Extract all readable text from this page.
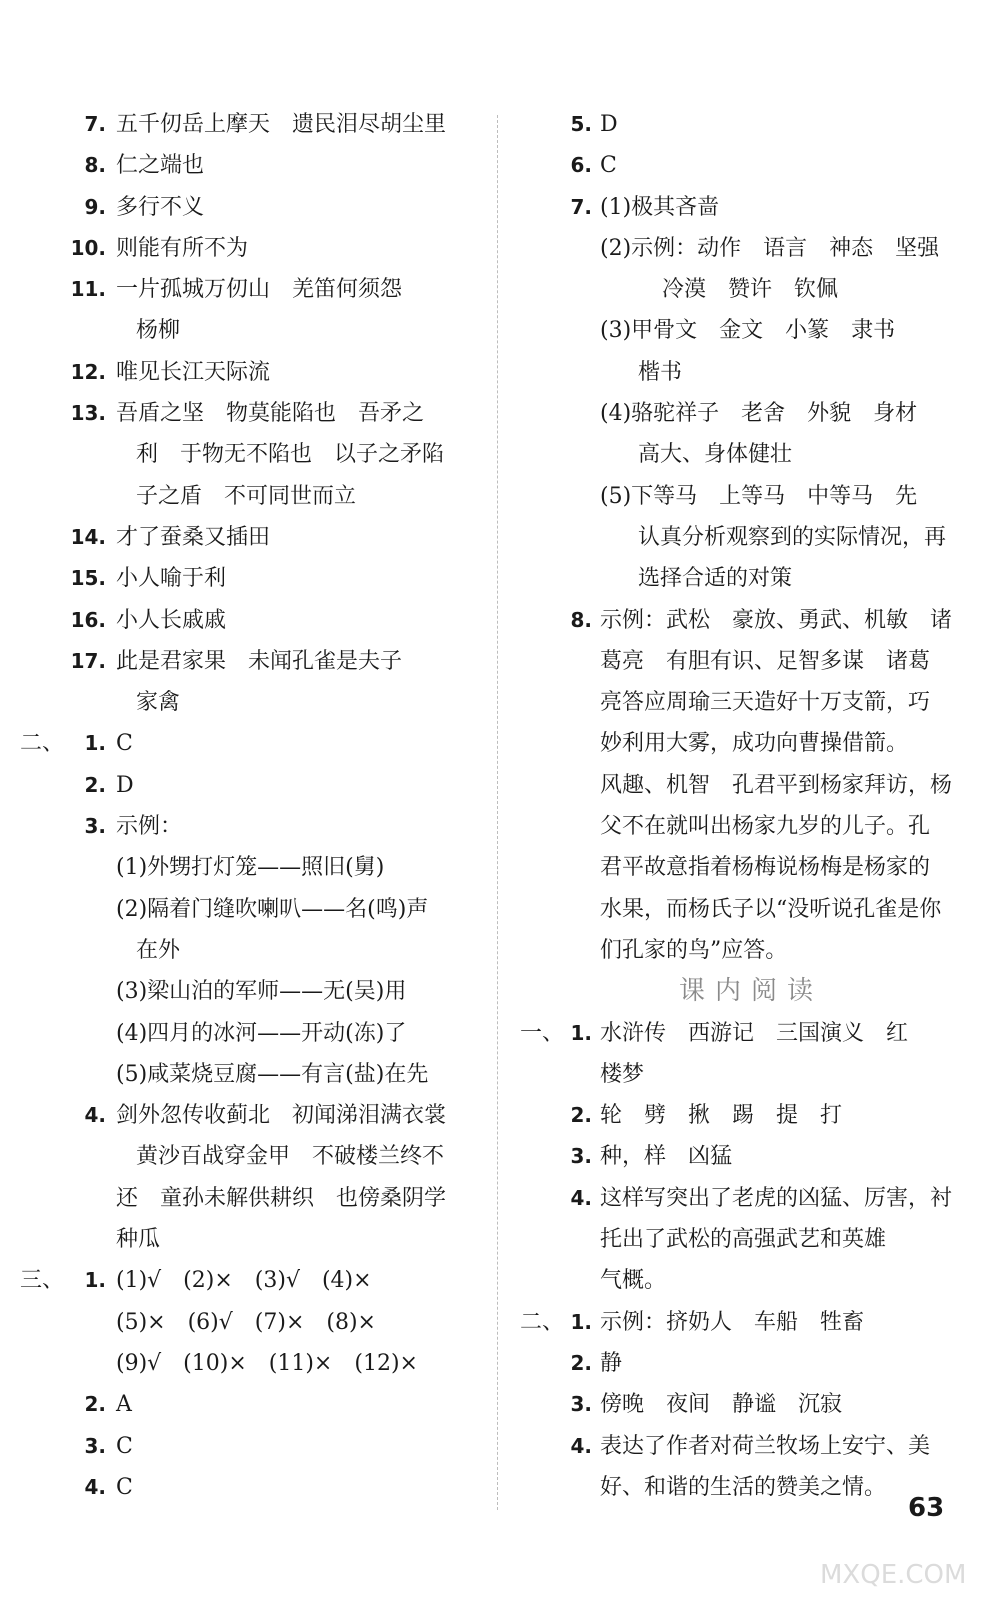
7. 五千仞岳上摩天　遗民泪尽胡尘里
8. 仁之端也
9. 多行不义
10. 则能有所不为
11. 一片孤城万仞山　羌笛何须怨
杨柳
12. 唯见长江天际流
13. 吾盾之坚　物莫能陷也　吾矛之
利　于物无不陷也　以子之矛陷
子之盾　不可同世而立
14. 才了蚕桑又插田
15. 小人喻于利
16. 小人长戚戚
17. 此是君家果　未闻孔雀是夫子
家禽
二、	1. C
2. D
3. 示例：
(1)外甥打灯笼——照旧(舅)
(2)隔着门缝吹喇叭——名(鸣)声
在外
(3)梁山泊的军师——无(吴)用
(4)四月的冰河——开动(冻)了
(5)咸菜烧豆腐——有言(盐)在先
4. 剑外忽传收蓟北　初闻涕泪满衣裳
黄沙百战穿金甲　不破楼兰终不
还　童孙未解供耕织　也傍桑阴学
种瓜
三、	1. (1)√　(2)×　(3)√　(4)×
(5)×　(6)√　(7)×　(8)×
(9)√　(10)×　(11)×　(12)×
2. A
3. C
4. C
5. D
6. C
7. (1)极其吝啬
(2)示例：动作　语言　神态　坚强
冷漠　赞许　钦佩
(3)甲骨文　金文　小篆　隶书
楷书
(4)骆驼祥子　老舍　外貌　身材
高大、身体健壮
(5)下等马　上等马　中等马　先
认真分析观察到的实际情况，再
选择合适的对策
8. 示例：武松　豪放、勇武、机敏　诸
葛亮　有胆有识、足智多谋　诸葛
亮答应周瑜三天造好十万支箭，巧
妙利用大雾，成功向曹操借箭。
风趣、机智　孔君平到杨家拜访，杨
父不在就叫出杨家九岁的儿子。孔
君平故意指着杨梅说杨梅是杨家的
水果，而杨氏子以“没听说孔雀是你
们孔家的鸟”应答。
课内阅读
一、 1. 水浒传　西游记　三国演义　红
楼梦
2. 轮　劈　揪　踢　提　打
3. 种，样　凶猛
4. 这样写突出了老虎的凶猛、厉害，衬
托出了武松的高强武艺和英雄
气概。
二、 1. 示例：挤奶人　车船　牲畜
2. 静
3. 傍晚　夜间　静谧　沉寂
4. 表达了作者对荷兰牧场上安宁、美
好、和谐的生活的赞美之情。
63
MXQE.COM
